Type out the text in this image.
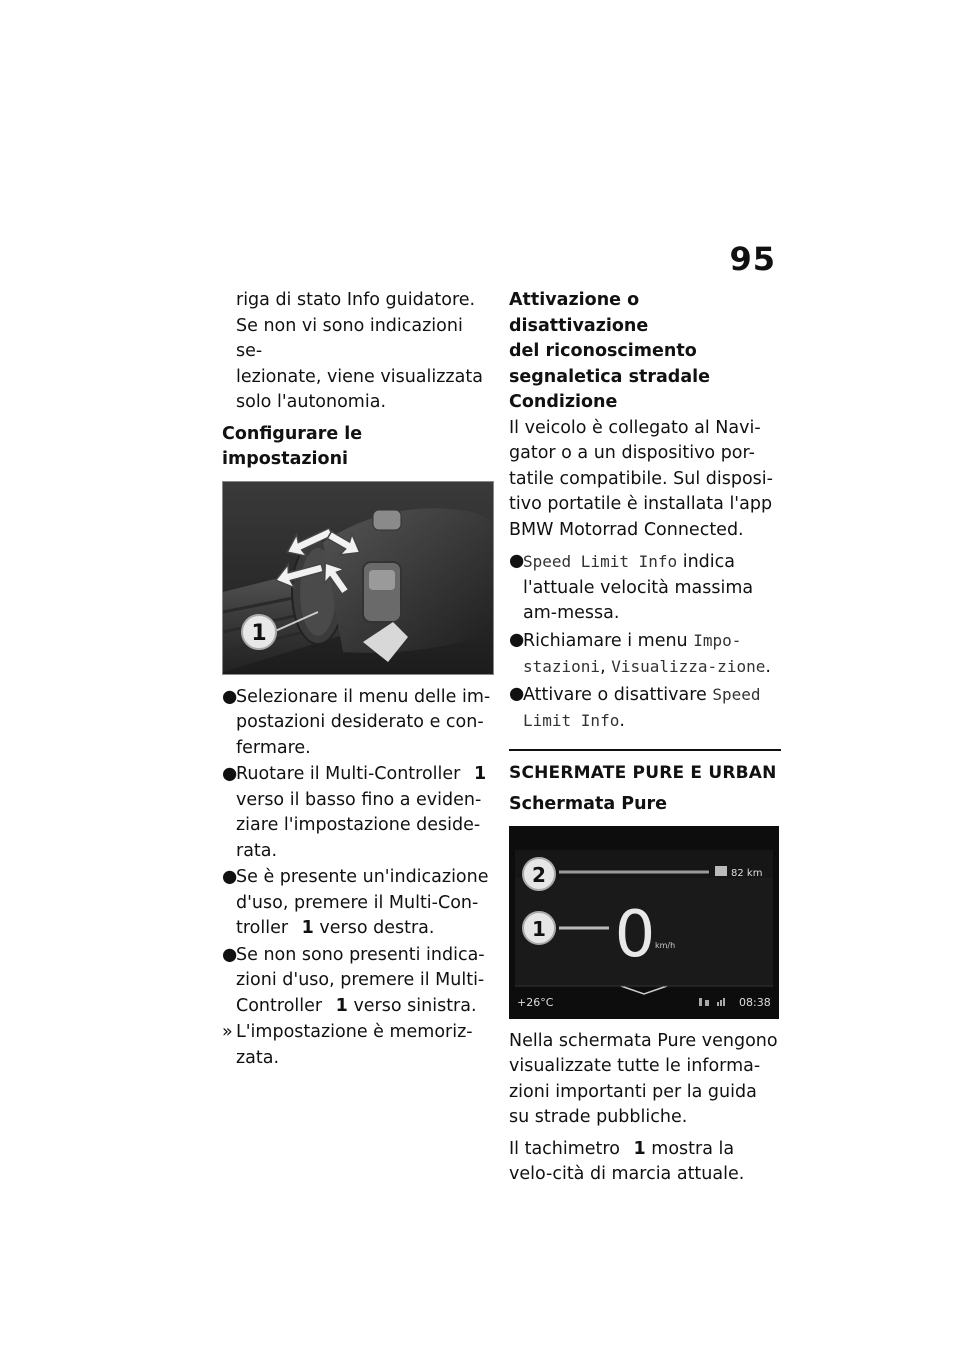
95
riga di stato Info guidatore.
Se non vi sono indicazioni se-
lezionate, viene visualizzata
solo l'autonomia.
Configurare le impostazioni
1
●
Selezionare il menu delle im-postazioni desiderato e con-fermare.
●
Ruotare il Multi-Controller 1 verso il basso fino a eviden-ziare l'impostazione deside-rata.
●
Se è presente un'indicazione d'uso, premere il Multi-Con-troller 1 verso destra.
●
Se non sono presenti indica-zioni d'uso, premere il Multi-Controller 1 verso sinistra.
» L'impostazione è memoriz-zata.
Attivazione o disattivazione
del riconoscimento
segnaletica stradale
Condizione
Il veicolo è collegato al Navi-gator o a un dispositivo por-tatile compatibile. Sul disposi-tivo portatile è installata l'app BMW Motorrad Connected.
●
Speed Limit Info indica l'attuale velocità massima am-messa.
●
Richiamare i menu Impo-stazioni, Visualizza-zione.
●
Attivare o disattivare Speed Limit Info.
SCHERMATE PURE E URBAN
Schermata Pure
2	82 km
1 0 km/h
+26°C	08:38
Nella schermata Pure vengono visualizzate tutte le informa-zioni importanti per la guida su strade pubbliche.
Il tachimetro 1 mostra la velo-cità di marcia attuale.
